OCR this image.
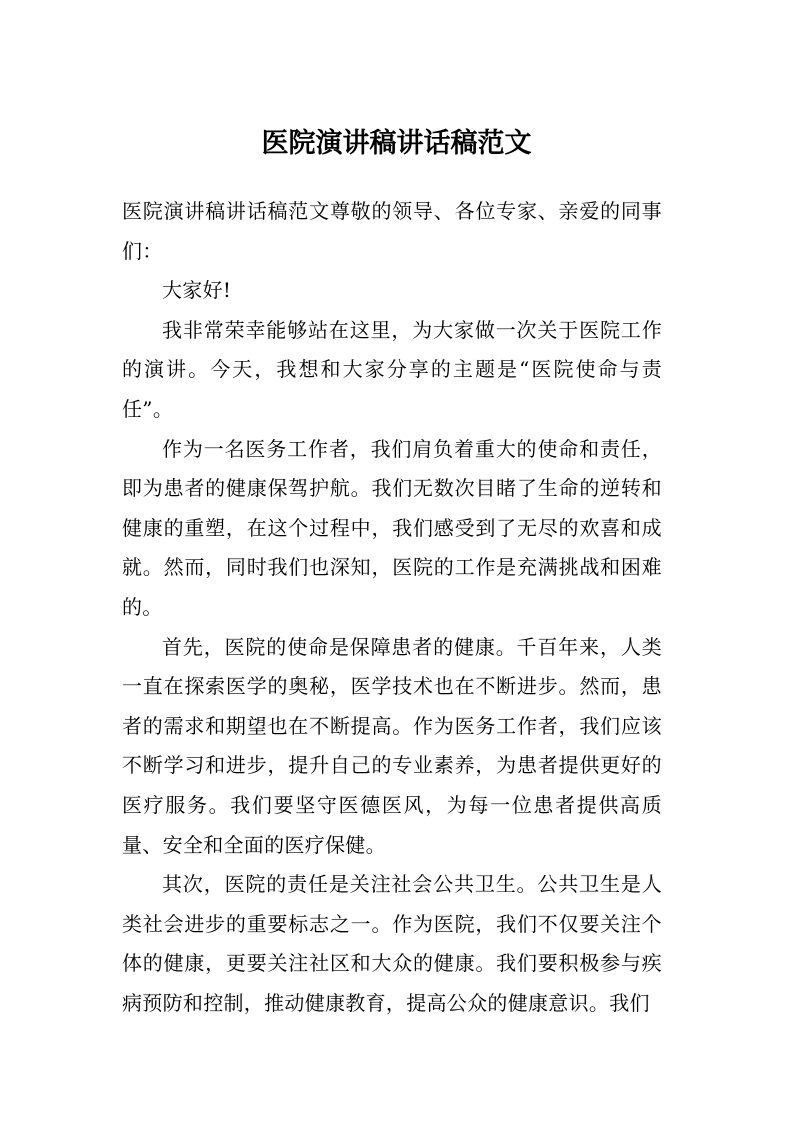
医院演讲稿讲话稿范文

医院演讲稿讲话稿范文尊敬的领导、各位专家、亲爱的同事们：

大家好!

我非常荣幸能够站在这里，为大家做一次关于医院工作的演讲。今天，我想和大家分享的主题是“医院使命与责任”。

作为一名医务工作者，我们肩负着重大的使命和责任，即为患者的健康保驾护航。我们无数次目睹了生命的逆转和健康的重塑，在这个过程中，我们感受到了无尽的欢喜和成就。然而，同时我们也深知，医院的工作是充满挑战和困难的。

首先，医院的使命是保障患者的健康。千百年来，人类一直在探索医学的奥秘，医学技术也在不断进步。然而，患者的需求和期望也在不断提高。作为医务工作者，我们应该不断学习和进步，提升自己的专业素养，为患者提供更好的医疗服务。我们要坚守医德医风，为每一位患者提供高质量、安全和全面的医疗保健。

其次，医院的责任是关注社会公共卫生。公共卫生是人类社会进步的重要标志之一。作为医院，我们不仅要关注个体的健康，更要关注社区和大众的健康。我们要积极参与疾病预防和控制，推动健康教育，提高公众的健康意识。我们
